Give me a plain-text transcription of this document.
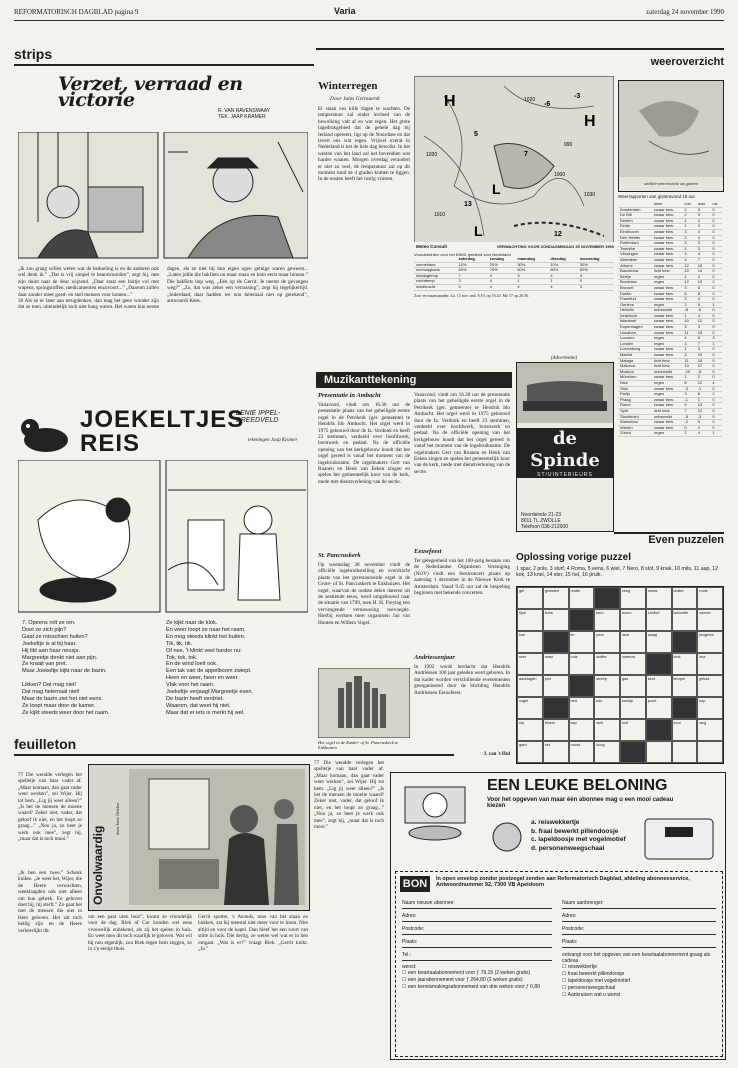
REFORMATORISCH DAGBLAD pagina 9	Varia	zaterdag 24 november 1990
strips
Verzet, verraad en victorie	R. VAN RAVENSWAAY
TEK. JAAP KRAMER
„Ik zou graag willen weten wat de bedoeling is en de anderen ook wel denk ik.” „Dat is vrij simpel te beantwoorden”, zegt hij, met zijn duim naar de deur wijzend. „Daar staat een buitje vol met wapens, springstoffen, medicamenten enzovoort...” „Daarom zullen daar zonder meer goed- en snel mensen voor komen...”
36 Als ze er later aan terugdenken, dan mag het geen wonder zijn dat ze toen, uiteindelijk toch niet bang waren. Het waren hun eerste dagen, als ze niet bij hun eigen ogen getuige waren geweest... „Laten jullie die bakfiets nu maar staan en kom eerst maar binnen.” Die bakfiets liep weg. „Eén op de Gerrit. Je neemt de gevangen weg?” „Zo, dat was zeker een verrassing”, zegt hij tegelijkertijd. „Inderdaad, daar hadden we nou helemaal niet op gerekend”, antwoordt Kees.
JOEKELTJES REIS
LENIE IPPEL-BREEDVELD
tekeningen Jaap Kramer
7. Opeens rolt ze om.
Doet ze zich pijn?
Gaat ze misschien huilen?
Joekeltje is al bij haar.
Hij likt aan haar neusje.
Margreetje denkt niet aan pijn.
Ze kraait van pret.
Maar Joekeltje kijkt naar de bazin.

Likken? Dat mag niet!
Dat mag helemaal niet!
Maar de bazin ziet het niet eens.
Ze loopt maar door de kamer.
Ze kijkt steeds weer door het raam.
Ze kijkt naar de klok.
En weer loopt ze naar het raam.
En mog steeds klinkt het buiten.
Tik, tik, tik.
Of nee, 't klinkt veel harder nu:
Tok, tok, tok.
En de wind loeit ook.
Een tak van de appelboom zwiept.
Heen en weer, heen en weer.
Vlak voor het raam.
Joekeltje verjaagt Margreetje even.
De bazin heeft verdriet.
Waarom, dat weet hij niet.
Maar dat er iets is merkt hij wel.
feuilleton
77 Die wendde verlegen het spelletje van haar vader af. „Maar komaan, dan gaat vader weer werken”, zei Wijer. Hij tot hem. „Lig jij weer alleen?” „Is het de mensen de moeite waard? Zeker niet, vader, dat geloof ik niet, en het loopt zo graag...” „Nou ja, zo heet je werk ook mee”, zegt hij, „maar dat is toch mooi.”
„Ik ben een twee.” Schenk knikte. „Je weet het, Wijer, die de Heere verwachten, weeklaagden ook niet alleen om hun gebrek. En geloven doet hij, hij sterft.” Zo gaat het met de mensen die niet in Hem geloven. Het zal toch heilig zijn en de Heere verheerlijkt dit.
Onvolwaardig
door Jetse Dekker
om een paar uren huiz”, kwam ze vriendelijk voor de dag. Riek of Cor konden wel eens vrouwelijk onbekend, als zij het spelen in huis. En weet men dit toch waarlijk te geloven. Wat wil hij nou eigenlijk, zou Riek tegen hem zeggen, zo in z'n eentje thuis.
Gerrit spottte, 's Avonds, moe van het staan en bukken, zat hij meestal niet meer voor te lezen. Niet altijd en voor de kapel. Dan bleef het een soort van stilte in huis. Die dertig, ze weten wel wat er in hen omgaat. „Wat is er?” vraagt Riek. „Gerrit knikt. „Ja.”
77 Die wendde verlegen het spelletje van haar vader af. „Maar komaan, dan gaat vader weer werken”, zei Wijer. Hij tot hem. „Lig jij weer alleen?” „Is het de mensen de moeite waard? Zeker niet, vader, dat geloof ik niet, en het loopt zo graag...” „Nou ja, zo heet je werk ook mee”, zegt hij, „maar dat is toch mooi.”
weeroverzicht
Winterregen
Door Jules Geirnaerdt
Er staan ons kille dagen te wachten. De temperatuur zal onder invloed van de bewolking valt af en wat regen. Het grote lagedrukgebied dat de gehele dag bij Ierland opereert, ligt op de Noordzee en dat levert ons wat regen. Vrijwel overal in Nederland is het de hele dag bewolkt. In het westen van het land zal het bovendien wat harder waaien. Morgen overdag verandert er niet zo veel, de temperatuur zal op dit moment rond de 4 graden komen te liggen. In de oosten heeft het rustig vriezen.
H
H
L
L
1020
1010
1000
990
1020
1030
-6
-3
5
7
13
12
Meteo Consult	VERWACHTING VOOR ZONDAGMIDDAG 25 NOVEMBER 1990
Vooruitzichten voor het KNMI, geldend voor Nederland
	zaterdag	zondag	maandag	dinsdag	woensdag
zonnekans	10%	20%	30%	10%	30%
neerslagkans	80%	70%	60%	80%	60%
middagtemp	7	4	3	4	4
nachttemp	3	4	1	1	0
windkracht	4	4	4	4	3
Zon- en maanstanden: Za. 13 nov. ond. 8:10, op 16.43. Mz 17 op 20.36.
satelliet-weeroverzicht van gisteren
Weerrapporten van gisteravond 19 uur
	weer	min	max	nsl
Amsterdam	zwaar bew.	2	3	0
De Bilt	zwaar bew.	2	3	0
Deelen	zwaar bew.	1	2	0
Eelde	zwaar bew.	1	3	0
Eindhoven	zwaar bew.	3	4	0
Den Helder	zwaar bew.	2	4	0
Rotterdam	zwaar bew.	3	3	0
Twenthe	zwaar bew.	1	3	0
Vlissingen	zwaar bew.	3	4	0
Aberdeen	zwaar bew.	4	7	0
Athene	zwaar bew.	12	18	0
Barcelona	licht bew.	10	14	0
Berlijn	regen	1	4	0
Bordeaux	regen	12	13	2
Brussel	zwaar bew.	3	6	0
Dublin	zwaar bew.	6	8	0
Frankfurt	zwaar bew.	3	4	0
Genève	regen	2	5	1
Helsinki	onbewolkt	-8	-6	0
Innsbruck	zwaar bew.	1	4	0
Istanboel	zwaar bew.	10	12	0
Kopenhagen	zwaar bew.	3	3	0
Lissabon	zwaar bew.	11	15	0
Locarno	regen	4	5	3
Londen	regen	3	7	1
Luxemburg	zwaar bew.	1	3	0
Madrid	zwaar bew.	3	10	0
Malaga	licht bew.	11	18	0
Mallorca	licht bew.	10	17	0
Moskou	onbewolkt	-10	-5	0
München	zwaar bew.	1	2	0
Nice	regen	8	12	4
Oslo	zwaar bew.	-3	-1	0
Parijs	regen	3	8	2
Praag	zwaar bew.	-1	1	0
Rome	zwaar bew.	9	13	0
Split	licht bew.	7	12	0
Stockholm	onbewolkt	-5	-3	0
Warschau	zwaar bew.	-2	0	0
Wenen	zwaar bew.	0	2	0
Zürich	regen	2	4	1
Muzikanttekening
Presentatie in Ambacht
Vanavond, vindt om 16.30 uur de presentatie plaats van het geheiligde eerste orgel in de Petrikerk (ger. gemeente) te Hendrik Ido Ambacht. Het orgel werd in 1975 gebouwd door de fa. Verdonk en heeft 23 stemmen, verdeeld over hoofdwerk, borstwerk en pedaal. Na de officiële opening van het kerkgebouw houdt dat het orgel gereed is vanaf het moment van de ingebruikname. De orgelmakers Gert van Ruanen en Henk van Eeken zingen en spelen het gemeentelijk koor van de kerk, mede met dienstverlening van de sectie.
St. Pancraskerk
Op woensdag 28 november vindt de officiële ingebruikstelling en overdracht plaats van het gerestaureerde orgel in de Grote- of St. Pancraskerk te Enkhuizen. Het orgel, waarvan de oudste delen dateren uit de zestiende eeuw, werd omgebouwd naar de situatie van 1799, toen H. H. Freytag een vervangende vernieuwing toevoegde. Hierbij werkten mee: organisten Jan van Houten en Willem Vogel.
Het orgel in de Zuider- of St. Pancraskerk te Enkhuizen
Vanavond, vindt om 16.30 uur de presentatie plaats van het geheiligde eerste orgel in de Petrikerk (ger. gemeente) te Hendrik Ido Ambacht. Het orgel werd in 1975 gebouwd door de fa. Verdonk en heeft 23 stemmen, verdeeld over hoofdwerk, borstwerk en pedaal. Na de officiële opening van het kerkgebouw houdt dat het orgel gereed is vanaf het moment van de ingebruikname. De orgelmakers Gert van Ruanen en Henk van Eeken zingen en spelen het gemeentelijk koor van de kerk, mede met dienstverlening van de sectie.
Eeuwfeest
Ter gelegenheid van het 100-jarig bestaan van de Nederlandse Organisten Vereniging (NOV) vindt een feestconcert plaats op zaterdag 1 december in de Nieuwe Kerk te Amsterdam. Vanaf 9.45 uur zal de bespeling beginnen met bekende concerten.
Andriessenjaar
In 1992 wordt herdacht dat Hendrik Andriessen 100 jaar geleden werd geboren. In dat kader worden verschillende evenementen georganiseerd door de Stichting Hendrik Andriessen Eeuwfeest.
J. van 't Hul
(Advertentie)
de Spinde
ST/UINTERIEURS
Noordeinde 21-23
8011 TL ZWOLLE
Telefoon 038-212000
Even puzzelen
Oplossing vorige puzzel
1 spar, 2 pols, 3 slurf, 4 Roma, 5 eens, 6 wiel, 7 Nero, 8 slof, 9 knak, 10 mits, 11 aap, 12 kok, 13 kriel, 14 ster, 15 hel, 16 pruik.
gel	gesloten	onder	zeug	roeda	duiker	rooie
fijne	kruis	kern	boom	Lenfort	kabouter	wereld
koe	tin	pers	land	waag	jongeren
seer	mast	huis	stoffer	sneeuw	bink	leur
aanklagen	peil	streep	gas	kind	tempel	geluid
vogel	hert	tuin	koekje	poort	kop
nip	bloem	kap	web	kolf	koor	weg
gard	riet	noord	boog
EEN LEUKE BELONING
Voor het opgeven van maar één abonnee mag u een mooi cadeau kiezen
a. reiswekkertje
b. fraai bewerkt pillendoosje
c. lapeldoosje met vogelmotief
d. personenweegschaal
BON	In open envelop zonder postzegel zenden aan Reformatorisch Dagblad, afdeling abonneeservice, Antwoordnummer 92, 7300 VB Apeldoorn
Naam nieuwe abonnee:
Adres:
Postcode:
Plaats:
Tel.:
wenst:
☐ een kwartaalabonnement voor ƒ 76,15 (2 weken gratis)
☐ een jaarabonnement voor ƒ 264,80 (2 weken gratis)
☐ een kennismakingsabonnement van drie weken voor ƒ 6,80
Naam aanbrenger:
Adres:
Postcode:
Plaats:
ontvangt voor het opgeven van een kwartaalabonnement graag als cadeau
☐ reiswekkertje
☐ fraai bewerkt pillendoosje
☐ lapeldoosje met vogelmotief
☐ personenweegschaal
☐ Aankruisen wat u wenst
